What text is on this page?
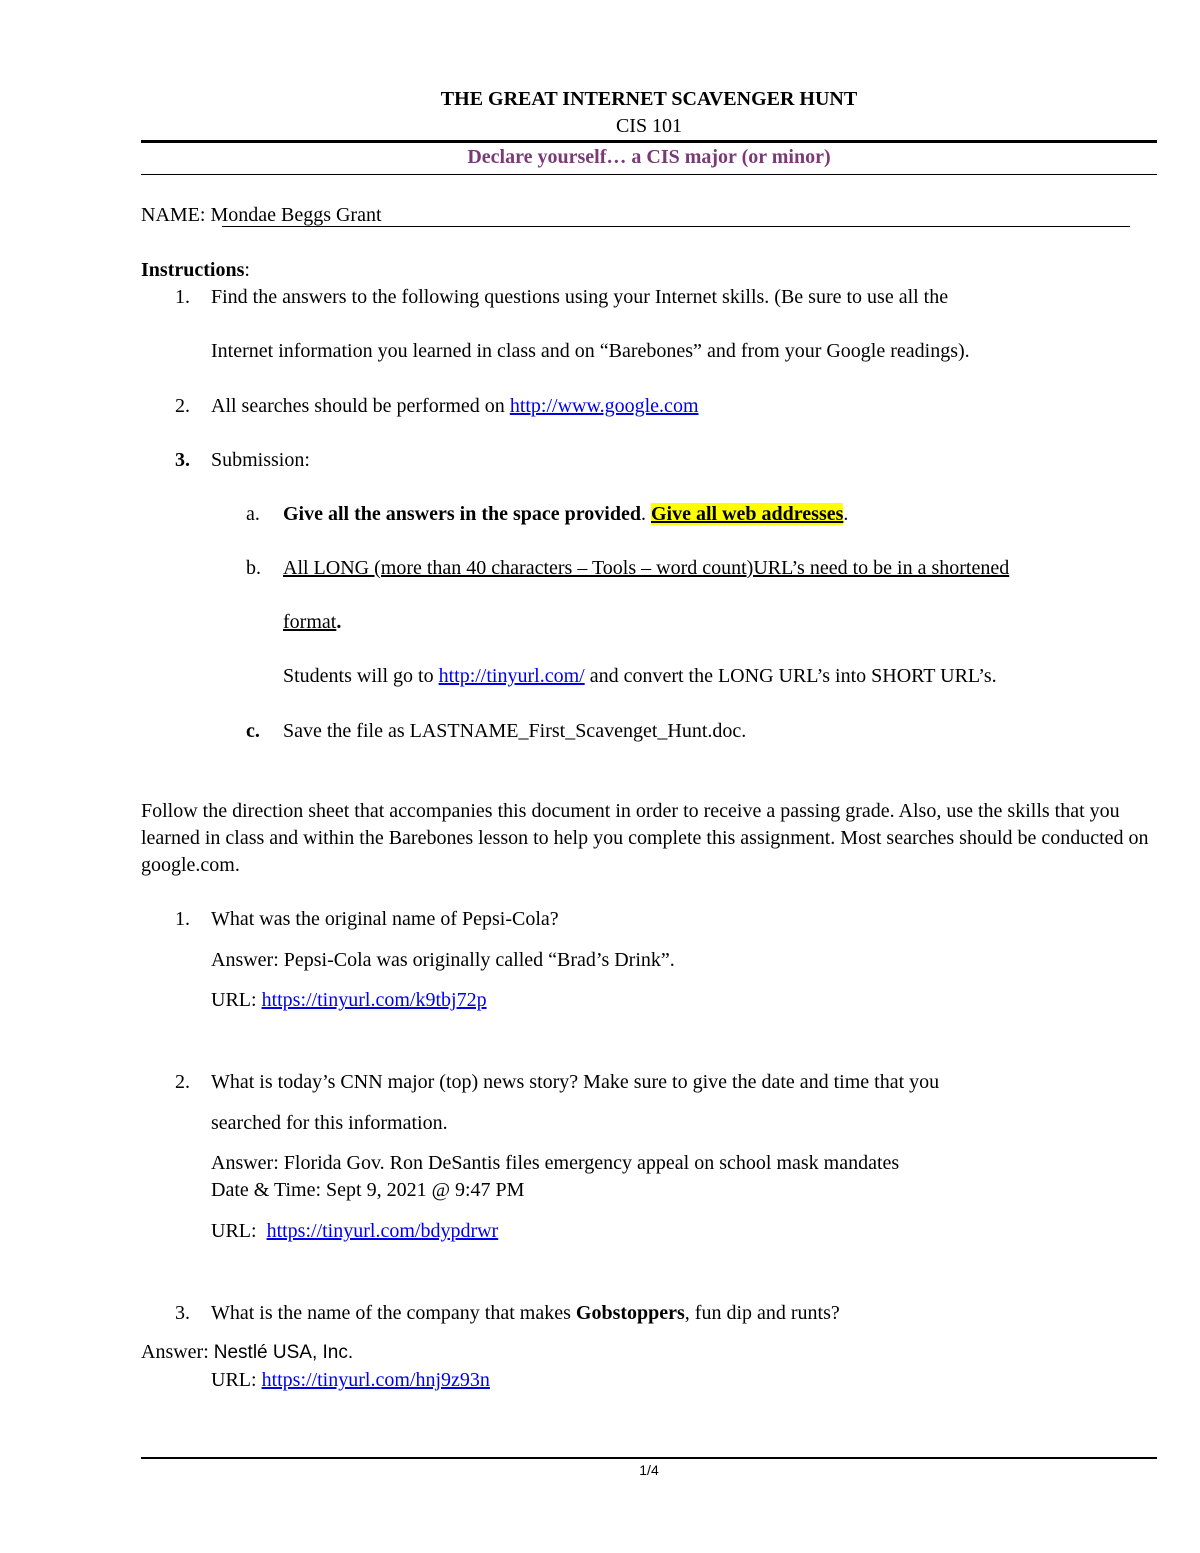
THE GREAT INTERNET SCAVENGER HUNT
CIS 101
Declare yourself… a CIS major (or minor)
NAME: Mondae Beggs Grant
Instructions:
1. Find the answers to the following questions using your Internet skills. (Be sure to use all the
Internet information you learned in class and on “Barebones” and from your Google readings).
2. All searches should be performed on http://www.google.com
3. Submission:
a. Give all the answers in the space provided. Give all web addresses.
b. All LONG (more than 40 characters – Tools – word count)URL’s need to be in a shortened
format.
Students will go to http://tinyurl.com/ and convert the LONG URL’s into SHORT URL’s.
c. Save the file as LASTNAME_First_Scavenget_Hunt.doc.
Follow the direction sheet that accompanies this document in order to receive a passing grade. Also, use the skills that you learned in class and within the Barebones lesson to help you complete this assignment. Most searches should be conducted on google.com.
1. What was the original name of Pepsi-Cola?
Answer: Pepsi-Cola was originally called “Brad’s Drink”.
URL: https://tinyurl.com/k9tbj72p
2. What is today’s CNN major (top) news story? Make sure to give the date and time that you
searched for this information.
Answer: Florida Gov. Ron DeSantis files emergency appeal on school mask mandates
Date & Time: Sept 9, 2021 @ 9:47 PM
URL:  https://tinyurl.com/bdypdrwr
3. What is the name of the company that makes Gobstoppers, fun dip and runts?
Answer: Nestlé USA, Inc.
URL: https://tinyurl.com/hnj9z93n
1/4
